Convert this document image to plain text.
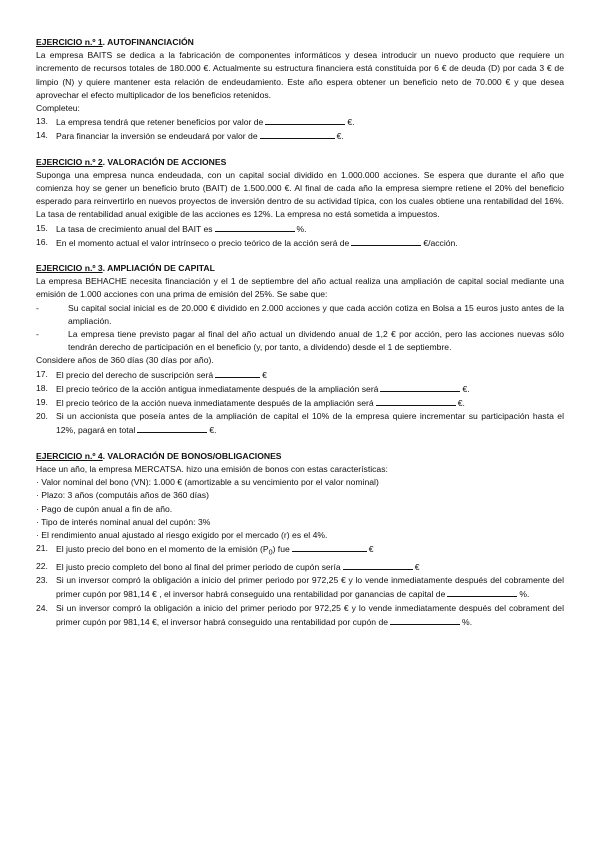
EJERCICIO n.º 1. AUTOFINANCIACIÓN

La empresa BAITS se dedica a la fabricación de componentes informáticos y desea introducir un nuevo producto que requiere un incremento de recursos totales de 180.000 €. Actualmente su estructura financiera está constituida por 6 € de deuda (D) por cada 3 € de limpio (N) y quiere mantener esta relación de endeudamiento. Este año espera obtener un beneficio neto de 70.000 € y que desea aprovechar el efecto multiplicador de los beneficios retenidos.

Completeu:

13. La empresa tendrá que retener beneficios por valor de	€.
14. Para financiar la inversión se endeudará por valor de	€.
EJERCICIO n.º 2. VALORACIÓN DE ACCIONES

Suponga una empresa nunca endeudada, con un capital social dividido en 1.000.000 acciones. Se espera que durante el año que comienza hoy se gener un beneficio bruto (BAIT) de 1.500.000 €. Al final de cada año la empresa siempre retiene el 20% del beneficio esperado para reinvertirlo en nuevos proyectos de inversión dentro de su actividad típica, con los cuales obtiene una rentabilidad del 16%. La tasa de rentabilidad anual exigible de las acciones es 12%. La empresa no está sometida a impuestos.

15. La tasa de crecimiento anual del BAIT es	%.
16. En el momento actual el valor intrínseco o precio teórico de la acción será de	€/acción.
EJERCICIO n.º 3. AMPLIACIÓN DE CAPITAL

La empresa BEHACHE necesita financiación y el 1 de septiembre del año actual realiza una ampliación de capital social mediante una emisión de 1.000 acciones con una prima de emisión del 25%. Se sabe que:

-	Su capital social inicial es de 20.000 € dividido en 2.000 acciones y que cada acción cotiza en Bolsa a 15 euros justo antes de la ampliación.
-	La empresa tiene previsto pagar al final del año actual un dividendo anual de 1,2 € por acción, pero las acciones nuevas sólo tendrán derecho de participación en el beneficio (y, por tanto, a dividendo) desde el 1 de septiembre.

Considere años de 360 días (30 días por año).

17. El precio del derecho de suscripción será	€
18. El precio teórico de la acción antigua inmediatamente después de la ampliación será	€.
19. El precio teórico de la acción nueva inmediatamente después de la ampliación será	€.
20. Si un accionista que poseía antes de la ampliación de capital el 10% de la empresa quiere incrementar su participación hasta el 12%, pagará en total	€.
EJERCICIO n.º 4. VALORACIÓN DE BONOS/OBLIGACIONES

Hace un año, la empresa MERCATSA. hizo una emisión de bonos con estas características:

· Valor nominal del bono (VN): 1.000 € (amortizable a su vencimiento por el valor nominal)

· Plazo: 3 años (computáis años de 360 días)

· Pago de cupón anual a fin de año.

· Tipo de interés nominal anual del cupón: 3%

· El rendimiento anual ajustado al riesgo exigido por el mercado (r) es el 4%.

21. El justo precio del bono en el momento de la emisión $(P_0)$ fue	€
22. El justo precio completo del bono al final del primer periodo de cupón sería	€
23. Si un inversor compró la obligación a inicio del primer periodo por 972,25 € y lo vende inmediatamente después del cobramente del primer cupón por 981,14 € , el inversor habrá conseguido una rentabilidad por ganancias de capital de	%.
24. Si un inversor compró la obligación a inicio del primer periodo por 972,25 € y lo vende inmediatamente después del cobrament del primer cupón por 981,14 €, el inversor habrá conseguido una rentabilidad por cupón de	%.
